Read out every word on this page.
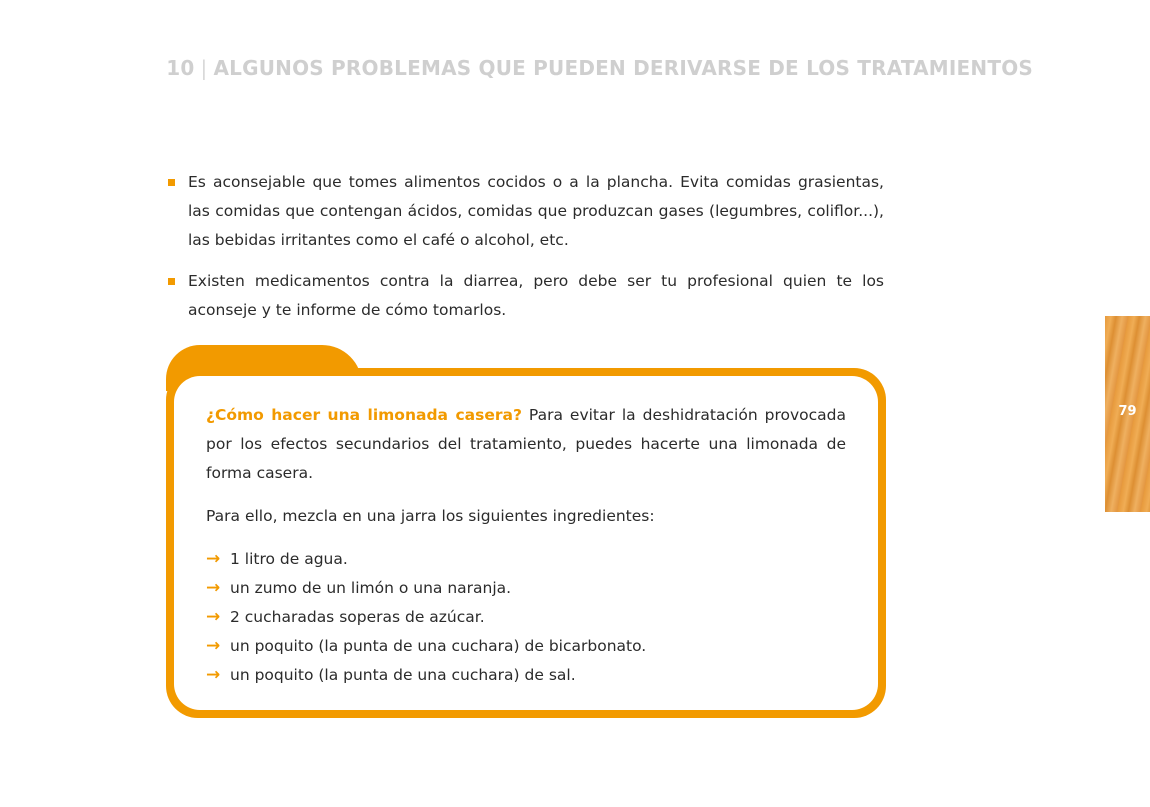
10 | ALGUNOS PROBLEMAS QUE PUEDEN DERIVARSE DE LOS TRATAMIENTOS
Es aconsejable que tomes alimentos cocidos o a la plancha. Evita comidas grasientas, las comidas que contengan ácidos, comidas que produzcan gases (legumbres, coliflor...), las bebidas irritantes como el café o alcohol, etc.
Existen medicamentos contra la diarrea, pero debe ser tu profesional quien te los aconseje y te informe de cómo tomarlos.

¿Cómo hacer una limonada casera? Para evitar la deshidratación provocada por los efectos secundarios del tratamiento, puedes hacerte una limonada de forma casera.

Para ello, mezcla en una jarra los siguientes ingredientes:

→ 1 litro de agua.
→ un zumo de un limón o una naranja.
→ 2 cucharadas soperas de azúcar.
→ un poquito (la punta de una cuchara) de bicarbonato.
→ un poquito (la punta de una cuchara) de sal.
79
